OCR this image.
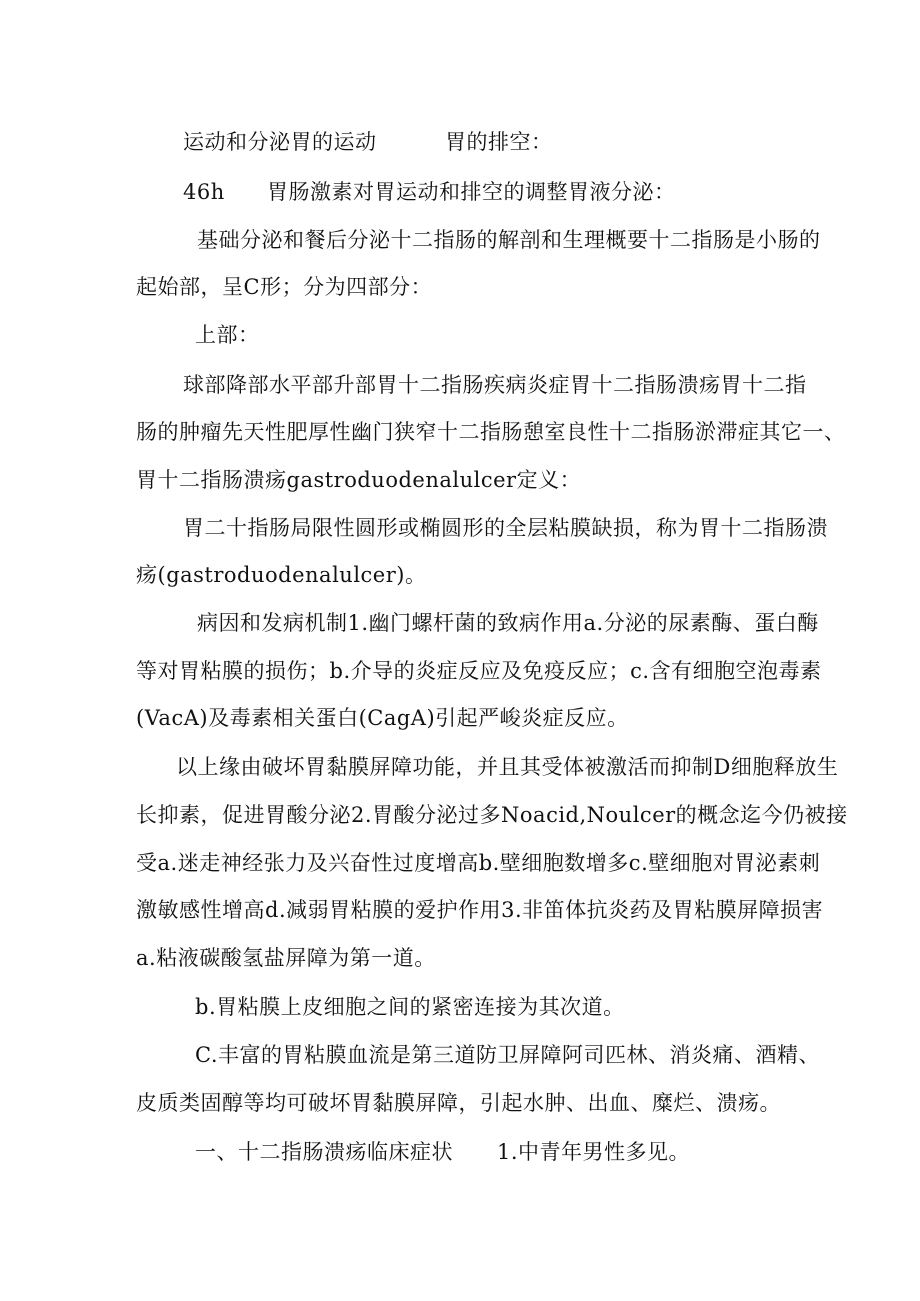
运动和分泌胃的运动	胃的排空：
46h 胃肠激素对胃运动和排空的调整胃液分泌：
基础分泌和餐后分泌十二指肠的解剖和生理概要十二指肠是小肠的
起始部，呈C形；分为四部分：
上部：
球部降部水平部升部胃十二指肠疾病炎症胃十二指肠溃疡胃十二指
肠的肿瘤先天性肥厚性幽门狭窄十二指肠憩室良性十二指肠淤滞症其它一、
胃十二指肠溃疡gastroduodenalulcer定义：
胃二十指肠局限性圆形或椭圆形的全层粘膜缺损，称为胃十二指肠溃
疡(gastroduodenalulcer)。
病因和发病机制1.幽门螺杆菌的致病作用a.分泌的尿素酶、蛋白酶
等对胃粘膜的损伤；b.介导的炎症反应及免疫反应；c.含有细胞空泡毒素
(VacA)及毒素相关蛋白(CagA)引起严峻炎症反应。
以上缘由破坏胃黏膜屏障功能，并且其受体被激活而抑制D细胞释放生
长抑素，促进胃酸分泌2.胃酸分泌过多Noacid,Noulcer的概念迄今仍被接
受a.迷走神经张力及兴奋性过度增高b.壁细胞数增多c.壁细胞对胃泌素刺
激敏感性增高d.减弱胃粘膜的爱护作用3.非笛体抗炎药及胃粘膜屏障损害
a.粘液碳酸氢盐屏障为第一道。
b.胃粘膜上皮细胞之间的紧密连接为其次道。
C.丰富的胃粘膜血流是第三道防卫屏障阿司匹林、消炎痛、酒精、
皮质类固醇等均可破坏胃黏膜屏障，引起水肿、出血、糜烂、溃疡。
一、十二指肠溃疡临床症状 1.中青年男性多见。
